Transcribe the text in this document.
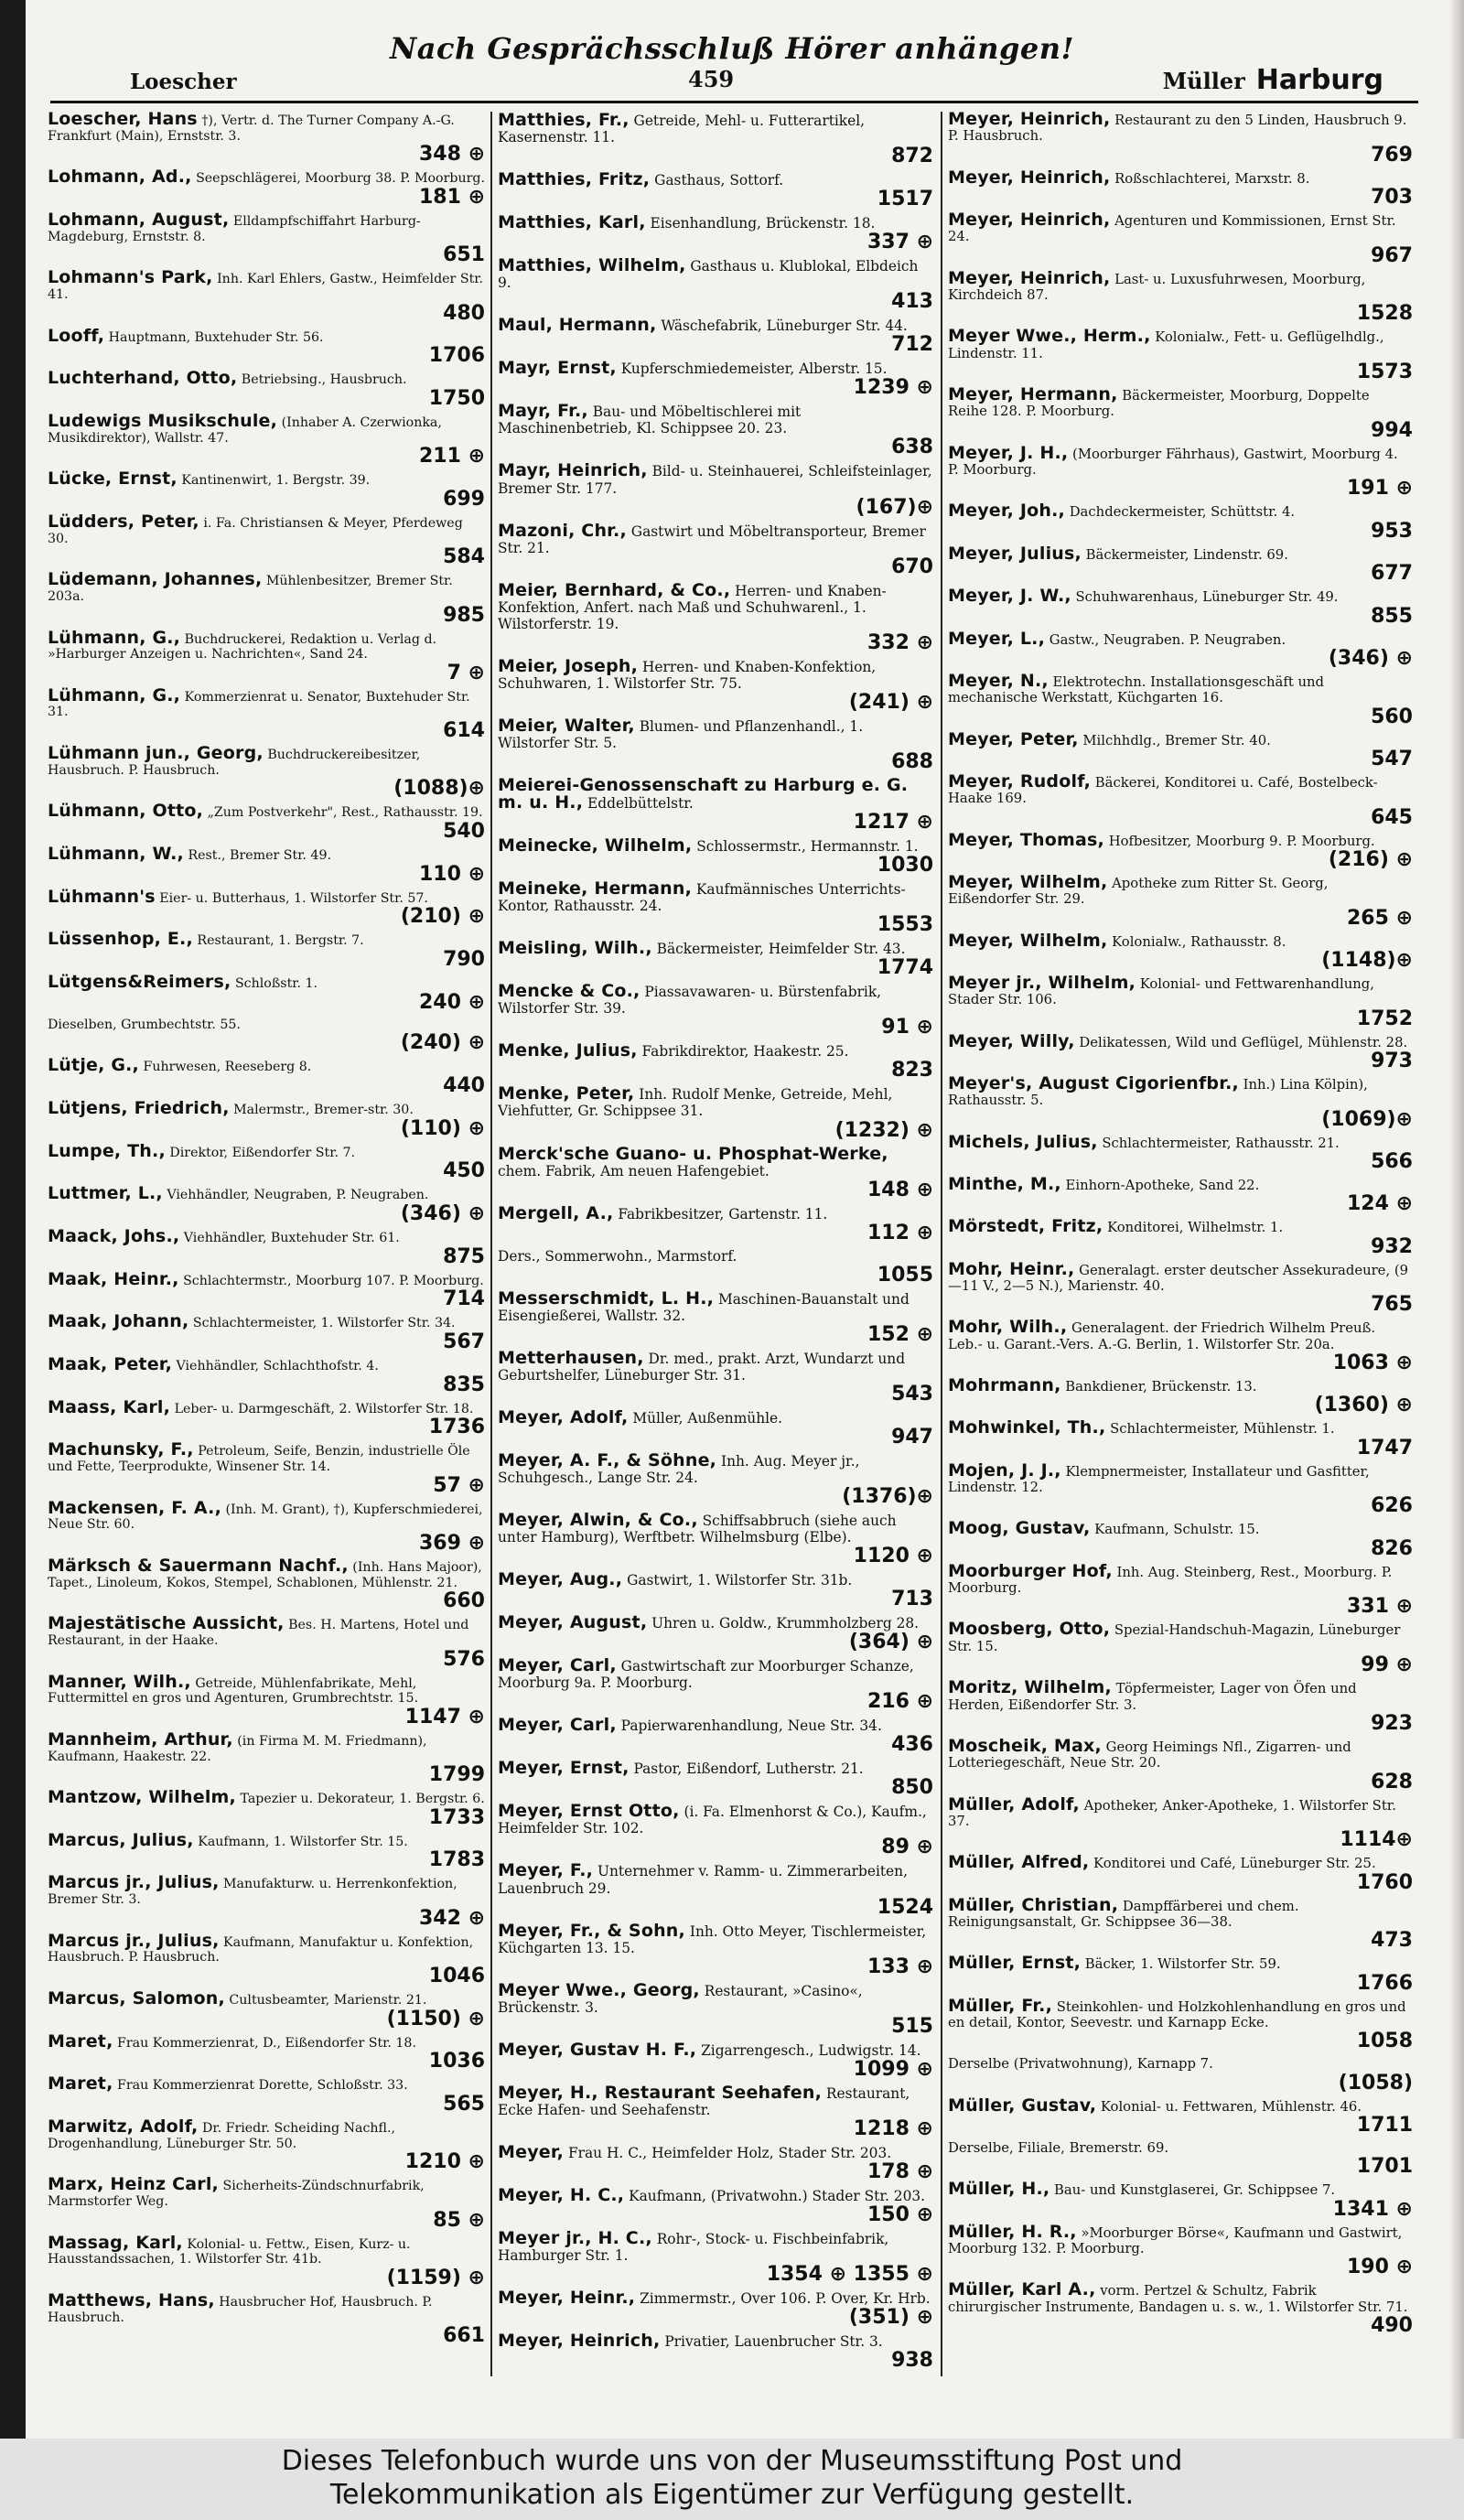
Nach Gesprächsschluß Hörer anhängen!
Loescher	459	Müller Harburg
Loescher, Hans †), Vertr. d. The Turner Company A.-G. Frankfurt (Main), Ernststr. 3.
348 ⊕
Lohmann, Ad., Seepschlägerei, Moorburg 38. P. Moorburg.
181 ⊕
Lohmann, August, Elldampfschiffahrt Harburg-Magdeburg, Ernststr. 8.
651
Lohmann's Park, Inh. Karl Ehlers, Gastw., Heimfelder Str. 41.
480
Looff, Hauptmann, Buxtehuder Str. 56.
1706
Luchterhand, Otto, Betriebsing., Hausbruch.
1750
Ludewigs Musikschule, (Inhaber A. Czerwionka, Musikdirektor), Wallstr. 47.
211 ⊕
Lücke, Ernst, Kantinenwirt, 1. Bergstr. 39.
699
Lüdders, Peter, i. Fa. Christiansen & Meyer, Pferdeweg 30.
584
Lüdemann, Johannes, Mühlenbesitzer, Bremer Str. 203a.
985
Lühmann, G., Buchdruckerei, Redaktion u. Verlag d. »Harburger Anzeigen u. Nachrichten«, Sand 24.
7 ⊕
Lühmann, G., Kommerzienrat u. Senator, Buxtehuder Str. 31.
614
Lühmann jun., Georg, Buchdruckereibesitzer, Hausbruch. P. Hausbruch.
(1088)⊕
Lühmann, Otto, „Zum Postverkehr", Rest., Rathausstr. 19.
540
Lühmann, W., Rest., Bremer Str. 49.
110 ⊕
Lühmann's Eier- u. Butterhaus, 1. Wilstorfer Str. 57.
(210) ⊕
Lüssenhop, E., Restaurant, 1. Bergstr. 7.
790
Lütgens&Reimers, Schloßstr. 1.
240 ⊕
Dieselben, Grumbechtstr. 55.
(240) ⊕
Lütje, G., Fuhrwesen, Reeseberg 8.
440
Lütjens, Friedrich, Malermstr., Bremer-str. 30.
(110) ⊕
Lumpe, Th., Direktor, Eißendorfer Str. 7.
450
Luttmer, L., Viehhändler, Neugraben, P. Neugraben.
(346) ⊕
Maack, Johs., Viehhändler, Buxtehuder Str. 61.
875
Maak, Heinr., Schlachtermstr., Moorburg 107. P. Moorburg.
714
Maak, Johann, Schlachtermeister, 1. Wilstorfer Str. 34.
567
Maak, Peter, Viehhändler, Schlachthofstr. 4.
835
Maass, Karl, Leber- u. Darmgeschäft, 2. Wilstorfer Str. 18.
1736
Machunsky, F., Petroleum, Seife, Benzin, industrielle Öle und Fette, Teerprodukte, Winsener Str. 14.
57 ⊕
Mackensen, F. A., (Inh. M. Grant), †), Kupferschmiederei, Neue Str. 60.
369 ⊕
Märksch & Sauermann Nachf., (Inh. Hans Majoor), Tapet., Linoleum, Kokos, Stempel, Schablonen, Mühlenstr. 21.
660
Majestätische Aussicht, Bes. H. Martens, Hotel und Restaurant, in der Haake.
576
Manner, Wilh., Getreide, Mühlenfabrikate, Mehl, Futtermittel en gros und Agenturen, Grumbrechtstr. 15.
1147 ⊕
Mannheim, Arthur, (in Firma M. M. Friedmann), Kaufmann, Haakestr. 22.
1799
Mantzow, Wilhelm, Tapezier u. Dekorateur, 1. Bergstr. 6.
1733
Marcus, Julius, Kaufmann, 1. Wilstorfer Str. 15.
1783
Marcus jr., Julius, Manufakturw. u. Herrenkonfektion, Bremer Str. 3.
342 ⊕
Marcus jr., Julius, Kaufmann, Manufaktur u. Konfektion, Hausbruch. P. Hausbruch.
1046
Marcus, Salomon, Cultusbeamter, Marienstr. 21.
(1150) ⊕
Maret, Frau Kommerzienrat, D., Eißendorfer Str. 18.
1036
Maret, Frau Kommerzienrat Dorette, Schloßstr. 33.
565
Marwitz, Adolf, Dr. Friedr. Scheiding Nachfl., Drogenhandlung, Lüneburger Str. 50.
1210 ⊕
Marx, Heinz Carl, Sicherheits-Zündschnurfabrik, Marmstorfer Weg.
85 ⊕
Massag, Karl, Kolonial- u. Fettw., Eisen, Kurz- u. Hausstandssachen, 1. Wilstorfer Str. 41b.
(1159) ⊕
Matthews, Hans, Hausbrucher Hof, Hausbruch. P. Hausbruch.
661
Matthies, Fr., Getreide, Mehl- u. Futterartikel, Kasernenstr. 11.
872
Matthies, Fritz, Gasthaus, Sottorf.
1517
Matthies, Karl, Eisenhandlung, Brückenstr. 18.
337 ⊕
Matthies, Wilhelm, Gasthaus u. Klublokal, Elbdeich 9.
413
Maul, Hermann, Wäschefabrik, Lüneburger Str. 44.
712
Mayr, Ernst, Kupferschmiedemeister, Alberstr. 15.
1239 ⊕
Mayr, Fr., Bau- und Möbeltischlerei mit Maschinenbetrieb, Kl. Schippsee 20. 23.
638
Mayr, Heinrich, Bild- u. Steinhauerei, Schleifsteinlager, Bremer Str. 177.
(167)⊕
Mazoni, Chr., Gastwirt und Möbeltransporteur, Bremer Str. 21.
670
Meier, Bernhard, & Co., Herren- und Knaben-Konfektion, Anfert. nach Maß und Schuhwarenl., 1. Wilstorferstr. 19.
332 ⊕
Meier, Joseph, Herren- und Knaben-Konfektion, Schuhwaren, 1. Wilstorfer Str. 75.
(241) ⊕
Meier, Walter, Blumen- und Pflanzenhandl., 1. Wilstorfer Str. 5.
688
Meierei-Genossenschaft zu Harburg e. G. m. u. H., Eddelbüttelstr.
1217 ⊕
Meinecke, Wilhelm, Schlossermstr., Hermannstr. 1.
1030
Meineke, Hermann, Kaufmännisches Unterrichts-Kontor, Rathausstr. 24.
1553
Meisling, Wilh., Bäckermeister, Heimfelder Str. 43.
1774
Mencke & Co., Piassavawaren- u. Bürstenfabrik, Wilstorfer Str. 39.
91 ⊕
Menke, Julius, Fabrikdirektor, Haakestr. 25.
823
Menke, Peter, Inh. Rudolf Menke, Getreide, Mehl, Viehfutter, Gr. Schippsee 31.
(1232) ⊕
Merck'sche Guano- u. Phosphat-Werke, chem. Fabrik, Am neuen Hafengebiet.
148 ⊕
Mergell, A., Fabrikbesitzer, Gartenstr. 11.
112 ⊕
Ders., Sommerwohn., Marmstorf.
1055
Messerschmidt, L. H., Maschinen-Bauanstalt und Eisengießerei, Wallstr. 32.
152 ⊕
Metterhausen, Dr. med., prakt. Arzt, Wundarzt und Geburtshelfer, Lüneburger Str. 31.
543
Meyer, Adolf, Müller, Außenmühle.
947
Meyer, A. F., & Söhne, Inh. Aug. Meyer jr., Schuhgesch., Lange Str. 24.
(1376)⊕
Meyer, Alwin, & Co., Schiffsabbruch (siehe auch unter Hamburg), Werftbetr. Wilhelmsburg (Elbe).
1120 ⊕
Meyer, Aug., Gastwirt, 1. Wilstorfer Str. 31b.
713
Meyer, August, Uhren u. Goldw., Krummholzberg 28.
(364) ⊕
Meyer, Carl, Gastwirtschaft zur Moorburger Schanze, Moorburg 9a. P. Moorburg.
216 ⊕
Meyer, Carl, Papierwarenhandlung, Neue Str. 34.
436
Meyer, Ernst, Pastor, Eißendorf, Lutherstr. 21.
850
Meyer, Ernst Otto, (i. Fa. Elmenhorst & Co.), Kaufm., Heimfelder Str. 102.
89 ⊕
Meyer, F., Unternehmer v. Ramm- u. Zimmerarbeiten, Lauenbruch 29.
1524
Meyer, Fr., & Sohn, Inh. Otto Meyer, Tischlermeister, Küchgarten 13. 15.
133 ⊕
Meyer Wwe., Georg, Restaurant, »Casino«, Brückenstr. 3.
515
Meyer, Gustav H. F., Zigarrengesch., Ludwigstr. 14.
1099 ⊕
Meyer, H., Restaurant Seehafen, Restaurant, Ecke Hafen- und Seehafenstr.
1218 ⊕
Meyer, Frau H. C., Heimfelder Holz, Stader Str. 203.
178 ⊕
Meyer, H. C., Kaufmann, (Privatwohn.) Stader Str. 203.
150 ⊕
Meyer jr., H. C., Rohr-, Stock- u. Fischbeinfabrik, Hamburger Str. 1.
1354 ⊕ 1355 ⊕
Meyer, Heinr., Zimmermstr., Over 106. P. Over, Kr. Hrb.
(351) ⊕
Meyer, Heinrich, Privatier, Lauenbrucher Str. 3.
938
Meyer, Heinrich, Restaurant zu den 5 Linden, Hausbruch 9. P. Hausbruch.
769
Meyer, Heinrich, Roßschlachterei, Marxstr. 8.
703
Meyer, Heinrich, Agenturen und Kommissionen, Ernst Str. 24.
967
Meyer, Heinrich, Last- u. Luxusfuhrwesen, Moorburg, Kirchdeich 87.
1528
Meyer Wwe., Herm., Kolonialw., Fett- u. Geflügelhdlg., Lindenstr. 11.
1573
Meyer, Hermann, Bäckermeister, Moorburg, Doppelte Reihe 128. P. Moorburg.
994
Meyer, J. H., (Moorburger Fährhaus), Gastwirt, Moorburg 4. P. Moorburg.
191 ⊕
Meyer, Joh., Dachdeckermeister, Schüttstr. 4.
953
Meyer, Julius, Bäckermeister, Lindenstr. 69.
677
Meyer, J. W., Schuhwarenhaus, Lüneburger Str. 49.
855
Meyer, L., Gastw., Neugraben. P. Neugraben.
(346) ⊕
Meyer, N., Elektrotechn. Installationsgeschäft und mechanische Werkstatt, Küchgarten 16.
560
Meyer, Peter, Milchhdlg., Bremer Str. 40.
547
Meyer, Rudolf, Bäckerei, Konditorei u. Café, Bostelbeck-Haake 169.
645
Meyer, Thomas, Hofbesitzer, Moorburg 9. P. Moorburg.
(216) ⊕
Meyer, Wilhelm, Apotheke zum Ritter St. Georg, Eißendorfer Str. 29.
265 ⊕
Meyer, Wilhelm, Kolonialw., Rathausstr. 8.
(1148)⊕
Meyer jr., Wilhelm, Kolonial- und Fettwarenhandlung, Stader Str. 106.
1752
Meyer, Willy, Delikatessen, Wild und Geflügel, Mühlenstr. 28.
973
Meyer's, August Cigorienfbr., Inh.) Lina Kölpin), Rathausstr. 5.
(1069)⊕
Michels, Julius, Schlachtermeister, Rathausstr. 21.
566
Minthe, M., Einhorn-Apotheke, Sand 22.
124 ⊕
Mörstedt, Fritz, Konditorei, Wilhelmstr. 1.
932
Mohr, Heinr., Generalagt. erster deutscher Assekuradeure, (9—11 V., 2—5 N.), Marienstr. 40.
765
Mohr, Wilh., Generalagent. der Friedrich Wilhelm Preuß. Leb.- u. Garant.-Vers. A.-G. Berlin, 1. Wilstorfer Str. 20a.
1063 ⊕
Mohrmann, Bankdiener, Brückenstr. 13.
(1360) ⊕
Mohwinkel, Th., Schlachtermeister, Mühlenstr. 1.
1747
Mojen, J. J., Klempnermeister, Installateur und Gasfitter, Lindenstr. 12.
626
Moog, Gustav, Kaufmann, Schulstr. 15.
826
Moorburger Hof, Inh. Aug. Steinberg, Rest., Moorburg. P. Moorburg.
331 ⊕
Moosberg, Otto, Spezial-Handschuh-Magazin, Lüneburger Str. 15.
99 ⊕
Moritz, Wilhelm, Töpfermeister, Lager von Öfen und Herden, Eißendorfer Str. 3.
923
Moscheik, Max, Georg Heimings Nfl., Zigarren- und Lotteriegeschäft, Neue Str. 20.
628
Müller, Adolf, Apotheker, Anker-Apotheke, 1. Wilstorfer Str. 37.
1114⊕
Müller, Alfred, Konditorei und Café, Lüneburger Str. 25.
1760
Müller, Christian, Dampffärberei und chem. Reinigungsanstalt, Gr. Schippsee 36—38.
473
Müller, Ernst, Bäcker, 1. Wilstorfer Str. 59.
1766
Müller, Fr., Steinkohlen- und Holzkohlenhandlung en gros und en detail, Kontor, Seevestr. und Karnapp Ecke.
1058
Derselbe (Privatwohnung), Karnapp 7.
(1058)
Müller, Gustav, Kolonial- u. Fettwaren, Mühlenstr. 46.
1711
Derselbe, Filiale, Bremerstr. 69.
1701
Müller, H., Bau- und Kunstglaserei, Gr. Schippsee 7.
1341 ⊕
Müller, H. R., »Moorburger Börse«, Kaufmann und Gastwirt, Moorburg 132. P. Moorburg.
190 ⊕
Müller, Karl A., vorm. Pertzel & Schultz, Fabrik chirurgischer Instrumente, Bandagen u. s. w., 1. Wilstorfer Str. 71.
490
Dieses Telefonbuch wurde uns von der Museumsstiftung Post und
Telekommunikation als Eigentümer zur Verfügung gestellt.
